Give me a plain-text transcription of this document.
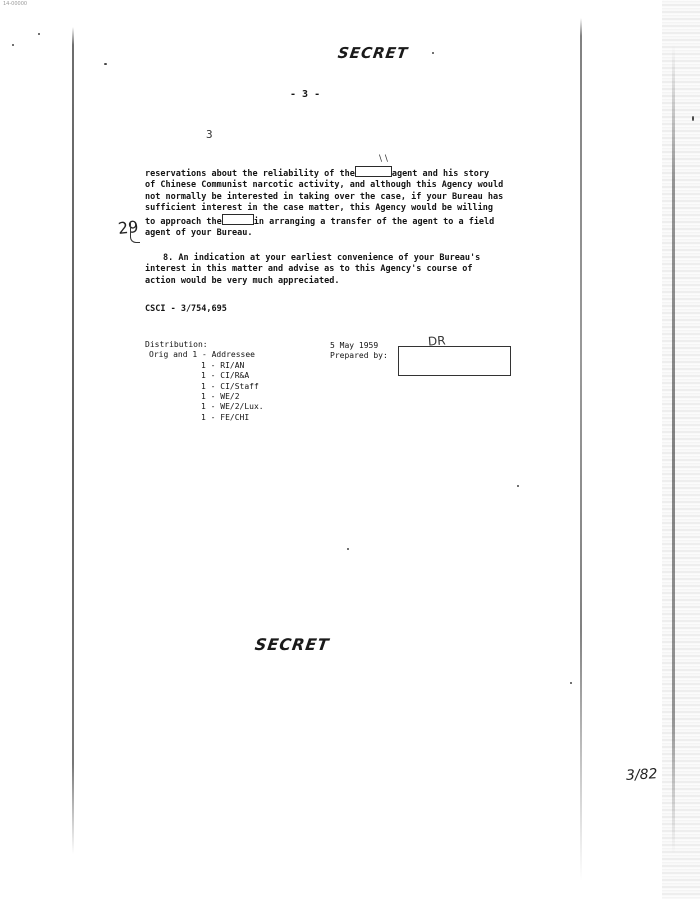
14-00000
SECRET
- 3 -
3
\ \
29
reservations about the reliability of the	agent and his story
of Chinese Communist narcotic activity, and although this Agency would
not normally be interested in taking over the case, if your Bureau has
sufficient interest in the case matter, this Agency would be willing
to approach the	in arranging a transfer of the agent to a field
agent of your Bureau.
8. An indication at your earliest convenience of your Bureau's
interest in this matter and advise as to this Agency's course of
action would be very much appreciated.
CSCI - 3/754,695
Distribution:
Orig and 1 - Addressee
1 - RI/AN
1 - CI/R&A
1 - CI/Staff
1 - WE/2
1 - WE/2/Lux.
1 - FE/CHI
5 May 1959
Prepared by:
DR
SECRET
3/82
